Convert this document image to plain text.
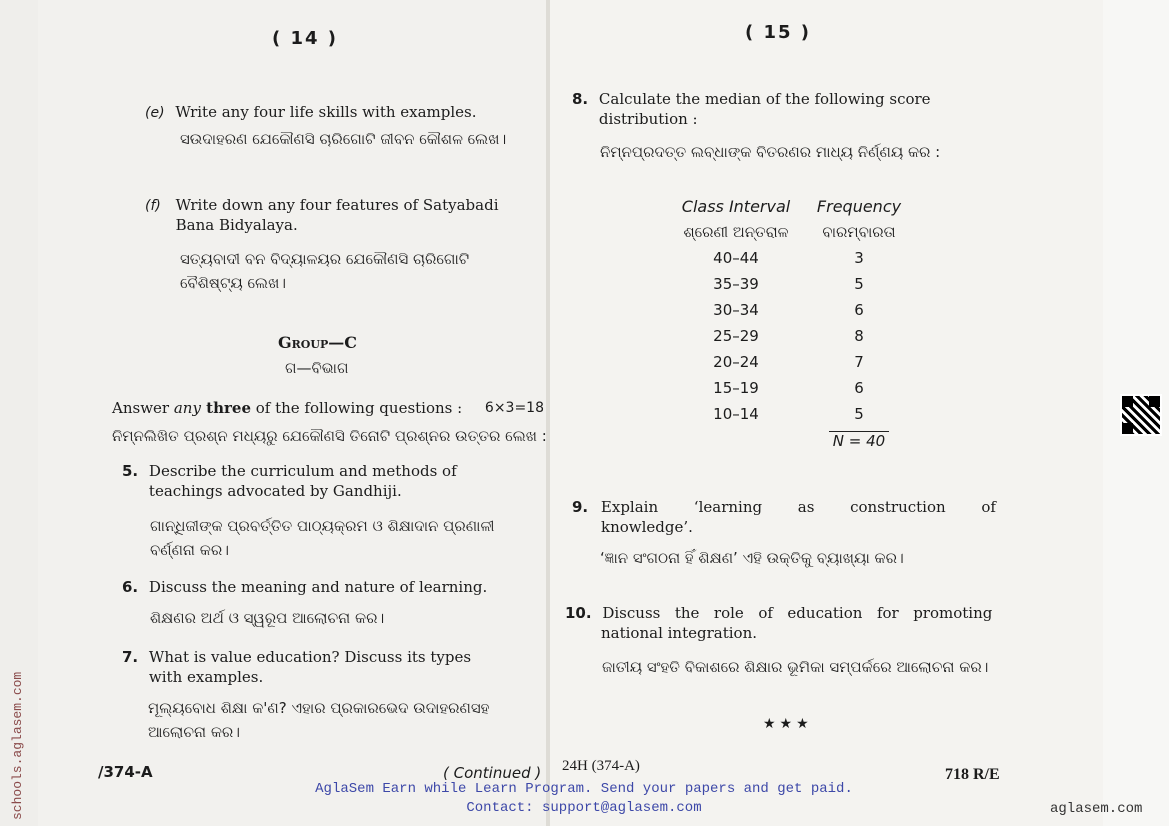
( 14 )
(e) Write any four life skills with examples.
ସଉଦାହରଣ ଯେକୌଣସି ଚାରିଗୋଟି ଜୀବନ କୌଶଳ ଲେଖ।
(f) Write down any four features of Satyabadi Bana Bidyalaya.
ସତ୍ୟବାଦୀ ବନ ବିଦ୍ୟାଳୟର ଯେକୌଣସି ଚାରିଗୋଟି ବୈଶିଷ୍ଟ୍ୟ ଲେଖ।
Group—C
ଗ—ବିଭାଗ
Answer any three of the following questions : 6×3=18
ନିମ୍ନଲିଖିତ ପ୍ରଶ୍ନ ମଧ୍ୟରୁ ଯେକୌଣସି ତିନୋଟି ପ୍ରଶ୍ନର ଉତ୍ତର ଲେଖ :
5. Describe the curriculum and methods of teachings advocated by Gandhiji.
ଗାନ୍ଧିଜୀଙ୍କ ପ୍ରବର୍ତ୍ତିତ ପାଠ୍ୟକ୍ରମ ଓ ଶିକ୍ଷାଦାନ ପ୍ରଣାଳୀ ବର୍ଣ୍ଣନା କର।
6. Discuss the meaning and nature of learning.
ଶିକ୍ଷଣର ଅର୍ଥ ଓ ସ୍ୱରୂପ ଆଲୋଚନା କର।
7. What is value education? Discuss its types with examples.
ମୂଲ୍ୟବୋଧ ଶିକ୍ଷା କ'ଣ? ଏହାର ପ୍ରକାରଭେଦ ଉଦାହରଣସହ ଆଲୋଚନା କର।
/374-A	( Continued )
( 15 )
8. Calculate the median of the following score distribution :
ନିମ୍ନପ୍ରଦତ୍ତ ଲବ୍ଧାଙ୍କ ବିତରଣର ମାଧ୍ୟ ନିର୍ଣ୍ଣୟ କର :
Class Interval	Frequency
ଶ୍ରେଣୀ ଅନ୍ତରାଳ	ବାରମ୍ବାରତା
40–44	3
35–39	5
30–34	6
25–29	8
20–24	7
15–19	6
10–14	5
	N = 40
9. Explain ‘learning as construction of
knowledge’.
‘ଜ୍ଞାନ ସଂଗଠନା ହିଁ ଶିକ୍ଷଣ’ ଏହି ଉକ୍ତିକୁ ବ୍ୟାଖ୍ୟା କର।
10. Discuss the role of education for promoting
national integration.
ଜାତୀୟ ସଂହତି ବିକାଶରେ ଶିକ୍ଷାର ଭୂମିକା ସମ୍ପର୍କରେ ଆଲୋଚନା କର।
★★★
24H (374-A)	718 R/E
schools.aglasem.com	AglaSem Earn while Learn Program. Send your papers and get paid.
Contact: support@aglasem.com	aglasem.com
